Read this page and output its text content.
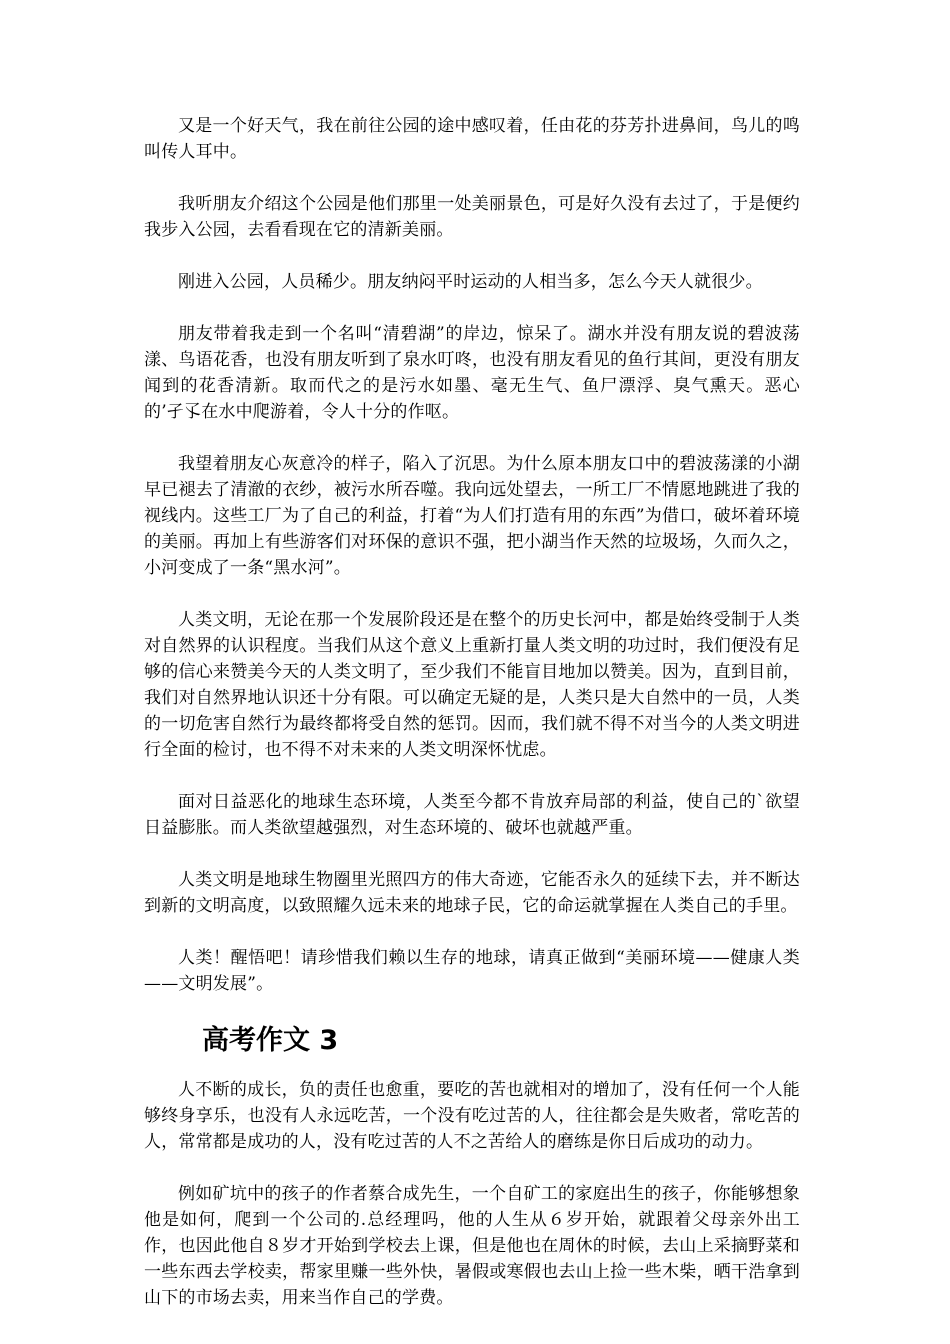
又是一个好天气，我在前往公园的途中感叹着，任由花的芬芳扑进鼻间，鸟儿的鸣叫传人耳中。

我听朋友介绍这个公园是他们那里一处美丽景色，可是好久没有去过了，于是便约我步入公园，去看看现在它的清新美丽。

刚进入公园，人员稀少。朋友纳闷平时运动的人相当多，怎么今天人就很少。

朋友带着我走到一个名叫“清碧湖”的岸边，惊呆了。湖水并没有朋友说的碧波荡漾、鸟语花香，也没有朋友听到了泉水叮咚，也没有朋友看见的鱼行其间，更没有朋友闻到的花香清新。取而代之的是污水如墨、毫无生气、鱼尸漂浮、臭气熏天。恶心的’孑孓在水中爬游着，令人十分的作呕。

我望着朋友心灰意冷的样子，陷入了沉思。为什么原本朋友口中的碧波荡漾的小湖早已褪去了清澈的衣纱，被污水所吞噬。我向远处望去，一所工厂不情愿地跳进了我的视线内。这些工厂为了自己的利益，打着“为人们打造有用的东西”为借口，破坏着环境的美丽。再加上有些游客们对环保的意识不强，把小湖当作天然的垃圾场，久而久之，小河变成了一条“黑水河”。

人类文明，无论在那一个发展阶段还是在整个的历史长河中，都是始终受制于人类对自然界的认识程度。当我们从这个意义上重新打量人类文明的功过时，我们便没有足够的信心来赞美今天的人类文明了，至少我们不能盲目地加以赞美。因为，直到目前，我们对自然界地认识还十分有限。可以确定无疑的是，人类只是大自然中的一员，人类的一切危害自然行为最终都将受自然的惩罚。因而，我们就不得不对当今的人类文明进行全面的检讨，也不得不对未来的人类文明深怀忧虑。

面对日益恶化的地球生态环境，人类至今都不肯放弃局部的利益，使自己的`欲望日益膨胀。而人类欲望越强烈，对生态环境的、破坏也就越严重。

人类文明是地球生物圈里光照四方的伟大奇迹，它能否永久的延续下去，并不断达到新的文明高度，以致照耀久远未来的地球子民，它的命运就掌握在人类自己的手里。

人类！醒悟吧！请珍惜我们赖以生存的地球，请真正做到“美丽环境——健康人类——文明发展”。

高考作文 3

人不断的成长，负的责任也愈重，要吃的苦也就相对的增加了，没有任何一个人能够终身享乐，也没有人永远吃苦，一个没有吃过苦的人，往往都会是失败者，常吃苦的人，常常都是成功的人，没有吃过苦的人不之苦给人的磨练是你日后成功的动力。

例如矿坑中的孩子的作者蔡合成先生，一个自矿工的家庭出生的孩子，你能够想象他是如何，爬到一个公司的.总经理吗，他的人生从６岁开始，就跟着父母亲外出工作，也因此他自８岁才开始到学校去上课，但是他也在周休的时候，去山上采摘野菜和一些东西去学校卖，帮家里赚一些外快，暑假或寒假也去山上捡一些木柴，晒干浩拿到山下的市场去卖，用来当作自己的学费。
